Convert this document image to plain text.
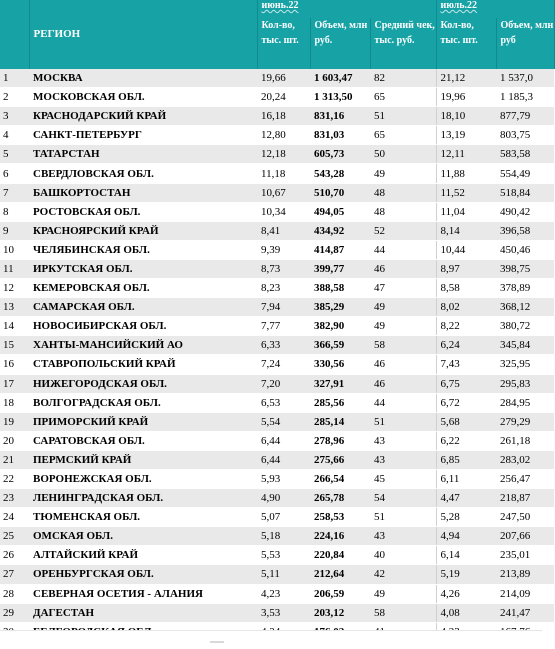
	РЕГИОН	июнь.22			июль.22	
		Кол-во, тыс. шт.	Объем, млн руб.	Средний чек, тыс. руб.	Кол-во, тыс. шт.	Объем, млн руб
1	МОСКВА	19,66	1 603,47	82	21,12	1 537,0
2	МОСКОВСКАЯ ОБЛ.	20,24	1 313,50	65	19,96	1 185,3
3	КРАСНОДАРСКИЙ КРАЙ	16,18	831,16	51	18,10	877,79
4	САНКТ-ПЕТЕРБУРГ	12,80	831,03	65	13,19	803,75
5	ТАТАРСТАН	12,18	605,73	50	12,11	583,58
6	СВЕРДЛОВСКАЯ ОБЛ.	11,18	543,28	49	11,88	554,49
7	БАШКОРТОСТАН	10,67	510,70	48	11,52	518,84
8	РОСТОВСКАЯ ОБЛ.	10,34	494,05	48	11,04	490,42
9	КРАСНОЯРСКИЙ КРАЙ	8,41	434,92	52	8,14	396,58
10	ЧЕЛЯБИНСКАЯ ОБЛ.	9,39	414,87	44	10,44	450,46
11	ИРКУТСКАЯ ОБЛ.	8,73	399,77	46	8,97	398,75
12	КЕМЕРОВСКАЯ ОБЛ.	8,23	388,58	47	8,58	378,89
13	САМАРСКАЯ ОБЛ.	7,94	385,29	49	8,02	368,12
14	НОВОСИБИРСКАЯ ОБЛ.	7,77	382,90	49	8,22	380,72
15	ХАНТЫ-МАНСИЙСКИЙ АО	6,33	366,59	58	6,24	345,84
16	СТАВРОПОЛЬСКИЙ КРАЙ	7,24	330,56	46	7,43	325,95
17	НИЖЕГОРОДСКАЯ ОБЛ.	7,20	327,91	46	6,75	295,83
18	ВОЛГОГРАДСКАЯ ОБЛ.	6,53	285,56	44	6,72	284,95
19	ПРИМОРСКИЙ КРАЙ	5,54	285,14	51	5,68	279,29
20	САРАТОВСКАЯ ОБЛ.	6,44	278,96	43	6,22	261,18
21	ПЕРМСКИЙ КРАЙ	6,44	275,66	43	6,85	283,02
22	ВОРОНЕЖСКАЯ ОБЛ.	5,93	266,54	45	6,11	256,47
23	ЛЕНИНГРАДСКАЯ ОБЛ.	4,90	265,78	54	4,47	218,87
24	ТЮМЕНСКАЯ ОБЛ.	5,07	258,53	51	5,28	247,50
25	ОМСКАЯ ОБЛ.	5,18	224,16	43	4,94	207,66
26	АЛТАЙСКИЙ КРАЙ	5,53	220,84	40	6,14	235,01
27	ОРЕНБУРГСКАЯ ОБЛ.	5,11	212,64	42	5,19	213,89
28	СЕВЕРНАЯ ОСЕТИЯ - АЛАНИЯ	4,23	206,59	49	4,26	214,09
29	ДАГЕСТАН	3,53	203,12	58	4,08	241,47
